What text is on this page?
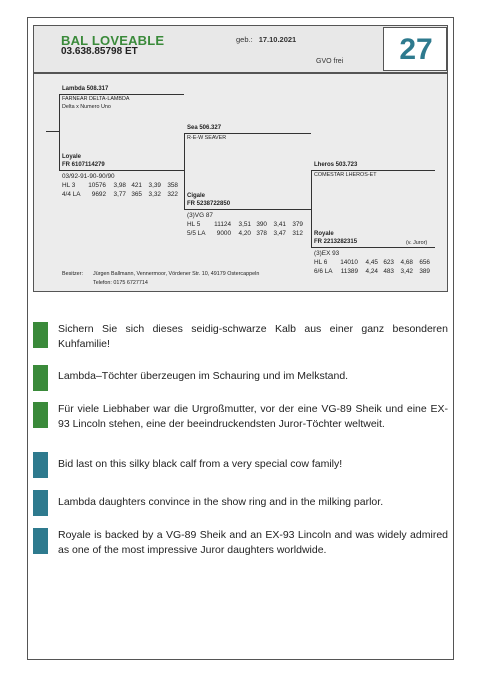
BAL LOVEABLE
03.638.85798 ET
geb.: 17.10.2021
GVO frei	27
Lambda 508.317
FARNEAR DELTA-LAMBDA
Delta x Numero Uno
Loyale
FR 6107114279
03/92-91-90-90/90
HL 3 10576 3,98 421 3,39 358
4/4 LA 9692 3,77 365 3,32 322
Sea 506.327
R-E-W SEAVER
Cigale
FR 5238722850
(3)VG 87
HL 5 11124 3,51 390 3,41 379
5/5 LA 9000 4,20 378 3,47 312
Lheros 503.723
COMESTAR LHEROS-ET
Royale
FR 2213282315	(v. Juror)
(3)EX 93
HL 6 14010 4,45 623 4,68 656
6/6 LA 11389 4,24 483 3,42 389
Besitzer: Jürgen Ballmann, Vennermoor, Vördener Str. 10, 49179 Ostercappeln
Telefon: 0175 6727714
Sichern Sie sich dieses seidig-schwarze Kalb aus einer ganz besonderen Kuhfamilie!
Lambda–Töchter überzeugen im Schauring und im Melkstand.
Für viele Liebhaber war die Urgroßmutter, vor der eine VG-89 Sheik und eine EX-93 Lincoln stehen, eine der beeindruckendsten Juror-Töchter weltweit.
Bid last on this silky black calf from a very special cow family!
Lambda daughters convince in the show ring and in the milking parlor.
Royale is backed by a VG-89 Sheik and an EX-93 Lincoln and was widely admired as one of the most impressive Juror daughters worldwide.
